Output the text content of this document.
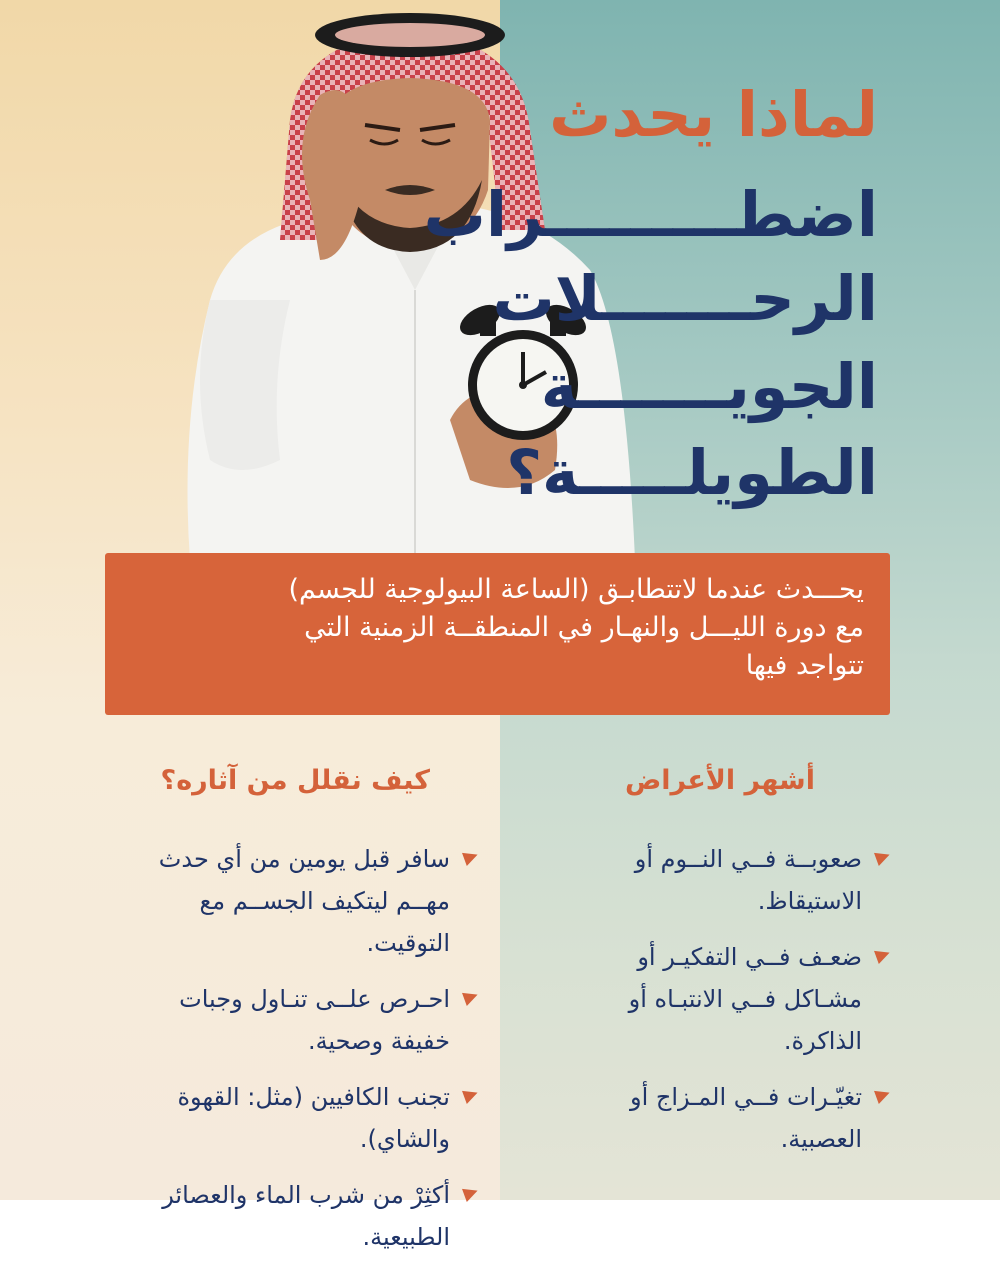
لماذا يحدث
اضطـــــــــراب
الرحـــــــلات
الجويـــــــة
الطويلـــــة؟
يحـــدث عندما لاتتطابـق (الساعة البيولوجية للجسم)
مع دورة الليـــل والنهـار في المنطقــة الزمنية التي
تتواجد فيها
أشهر الأعراض
صعوبــة فــي النــوم أو
الاستيقاظ.
ضعـف فــي التفكيـر أو
مشـاكل فــي الانتبـاه أو
الذاكرة.
تغيّـرات فــي المـزاج أو
العصبية.
كيف نقلل من آثاره؟
سافر قبل يومين من أي حدث
مهــم ليتكيف الجســم مع
التوقيت.
احـرص علــى تنـاول وجبات
خفيفة وصحية.
تجنب الكافيين (مثل: القهوة
والشاي).
أكثِرْ من شرب الماء والعصائر
الطبيعية.
